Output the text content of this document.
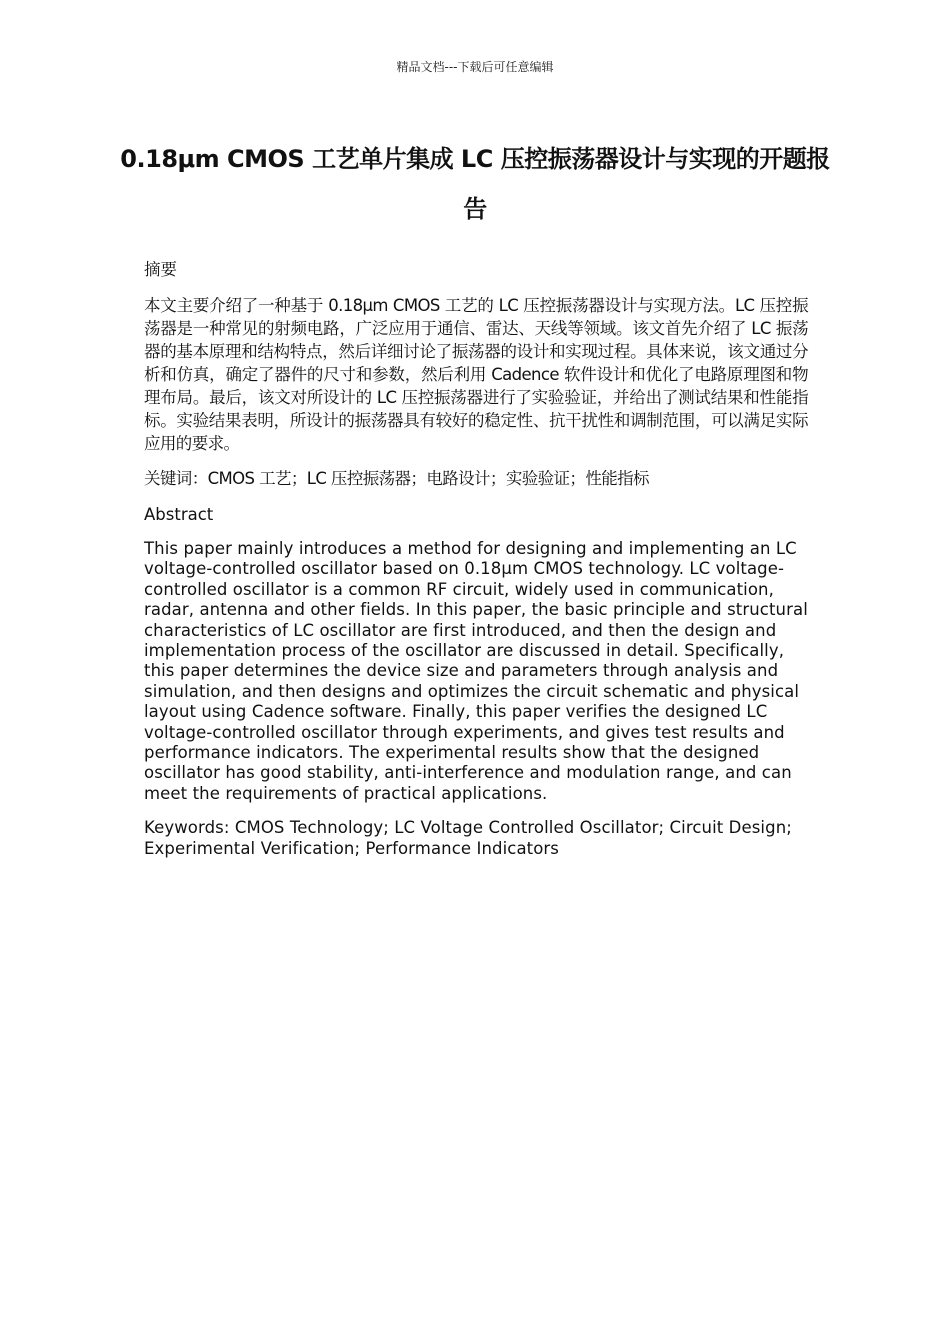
精品文档---下载后可任意编辑
0.18μm CMOS 工艺单片集成 LC 压控振荡器设计与实现的开题报告
摘要
本文主要介绍了一种基于 0.18μm CMOS 工艺的 LC 压控振荡器设计与实现方法。LC 压控振荡器是一种常见的射频电路，广泛应用于通信、雷达、天线等领域。该文首先介绍了 LC 振荡器的基本原理和结构特点，然后详细讨论了振荡器的设计和实现过程。具体来说，该文通过分析和仿真，确定了器件的尺寸和参数，然后利用 Cadence 软件设计和优化了电路原理图和物理布局。最后，该文对所设计的 LC 压控振荡器进行了实验验证，并给出了测试结果和性能指标。实验结果表明，所设计的振荡器具有较好的稳定性、抗干扰性和调制范围，可以满足实际应用的要求。
关键词：CMOS 工艺；LC 压控振荡器；电路设计；实验验证；性能指标
Abstract
This paper mainly introduces a method for designing and implementing an LC voltage-controlled oscillator based on 0.18μm CMOS technology. LC voltage-controlled oscillator is a common RF circuit, widely used in communication, radar, antenna and other fields. In this paper, the basic principle and structural characteristics of LC oscillator are first introduced, and then the design and implementation process of the oscillator are discussed in detail. Specifically, this paper determines the device size and parameters through analysis and simulation, and then designs and optimizes the circuit schematic and physical layout using Cadence software. Finally, this paper verifies the designed LC voltage-controlled oscillator through experiments, and gives test results and performance indicators. The experimental results show that the designed oscillator has good stability, anti-interference and modulation range, and can meet the requirements of practical applications.
Keywords: CMOS Technology; LC Voltage Controlled Oscillator; Circuit Design; Experimental Verification; Performance Indicators
